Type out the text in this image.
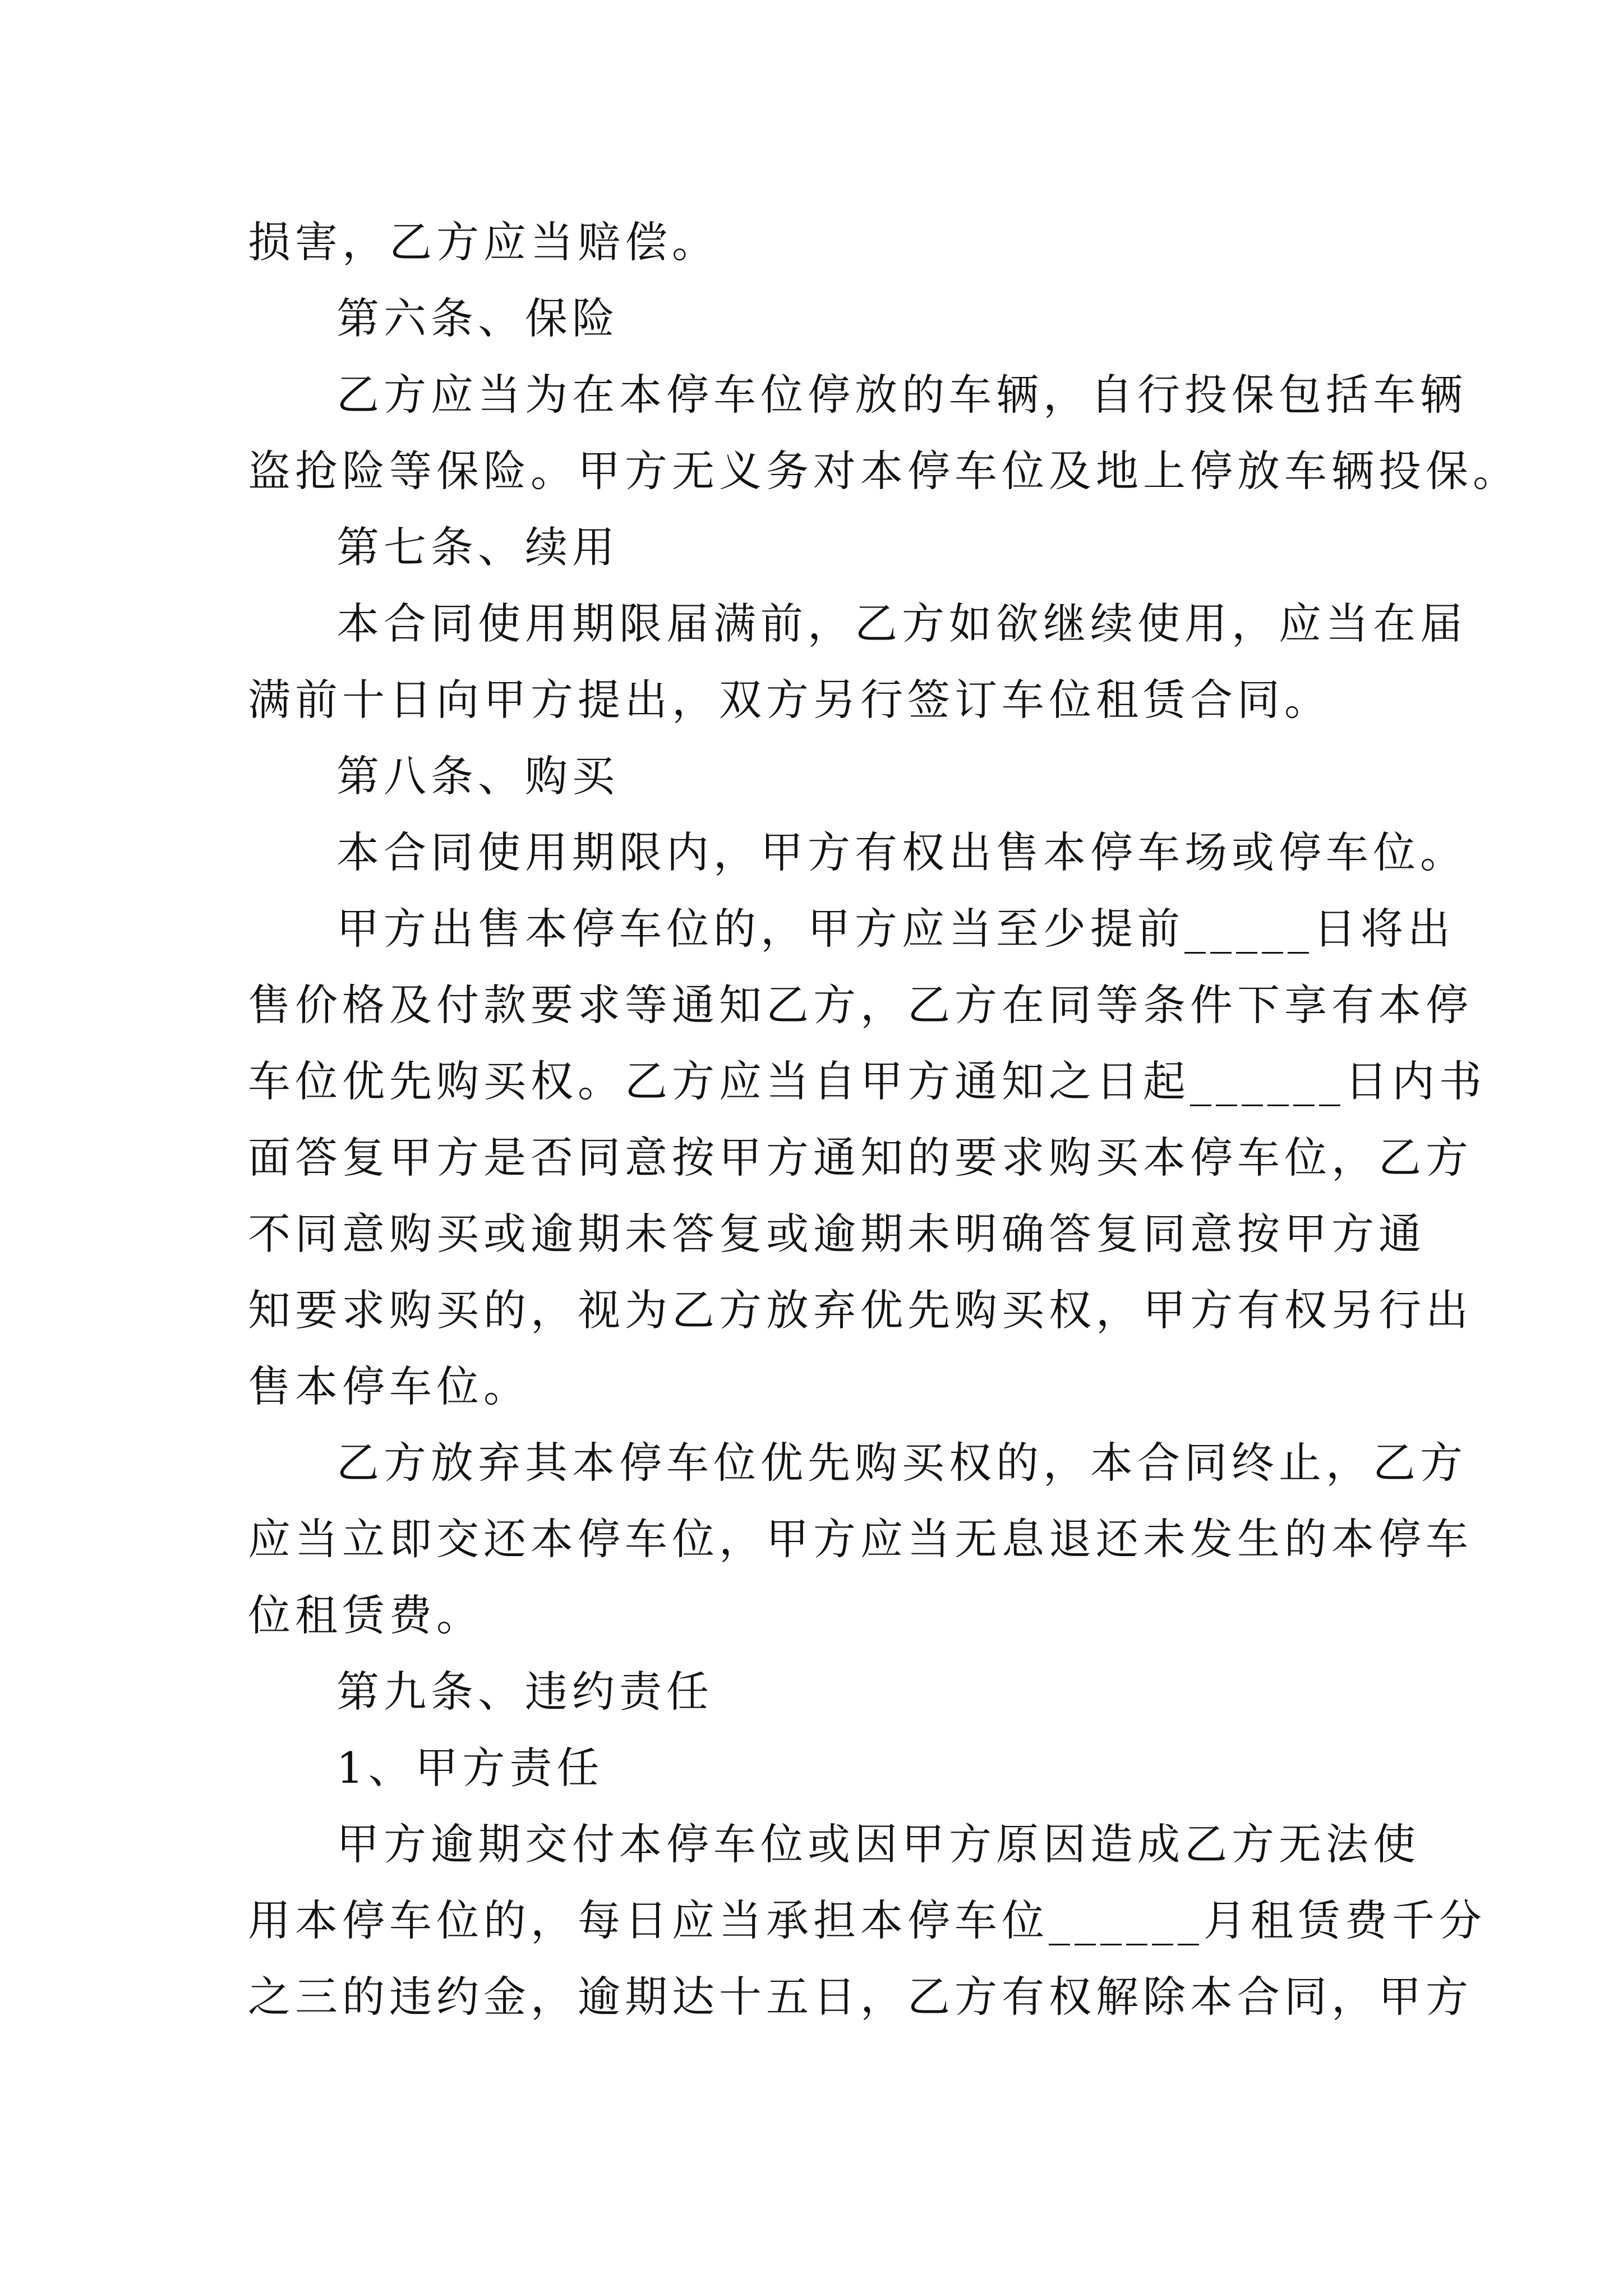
损害，乙方应当赔偿。

第六条、保险

乙方应当为在本停车位停放的车辆，自行投保包括车辆

盗抢险等保险。甲方无义务对本停车位及地上停放车辆投保。

第七条、续用

本合同使用期限届满前，乙方如欲继续使用，应当在届

满前十日向甲方提出，双方另行签订车位租赁合同。

第八条、购买

本合同使用期限内，甲方有权出售本停车场或停车位。

甲方出售本停车位的，甲方应当至少提前_____日将出

售价格及付款要求等通知乙方，乙方在同等条件下享有本停

车位优先购买权。乙方应当自甲方通知之日起______日内书

面答复甲方是否同意按甲方通知的要求购买本停车位，乙方

不同意购买或逾期未答复或逾期未明确答复同意按甲方通

知要求购买的，视为乙方放弃优先购买权，甲方有权另行出

售本停车位。

乙方放弃其本停车位优先购买权的，本合同终止，乙方

应当立即交还本停车位，甲方应当无息退还未发生的本停车

位租赁费。

第九条、违约责任

1、甲方责任

甲方逾期交付本停车位或因甲方原因造成乙方无法使

用本停车位的，每日应当承担本停车位______月租赁费千分

之三的违约金，逾期达十五日，乙方有权解除本合同，甲方
